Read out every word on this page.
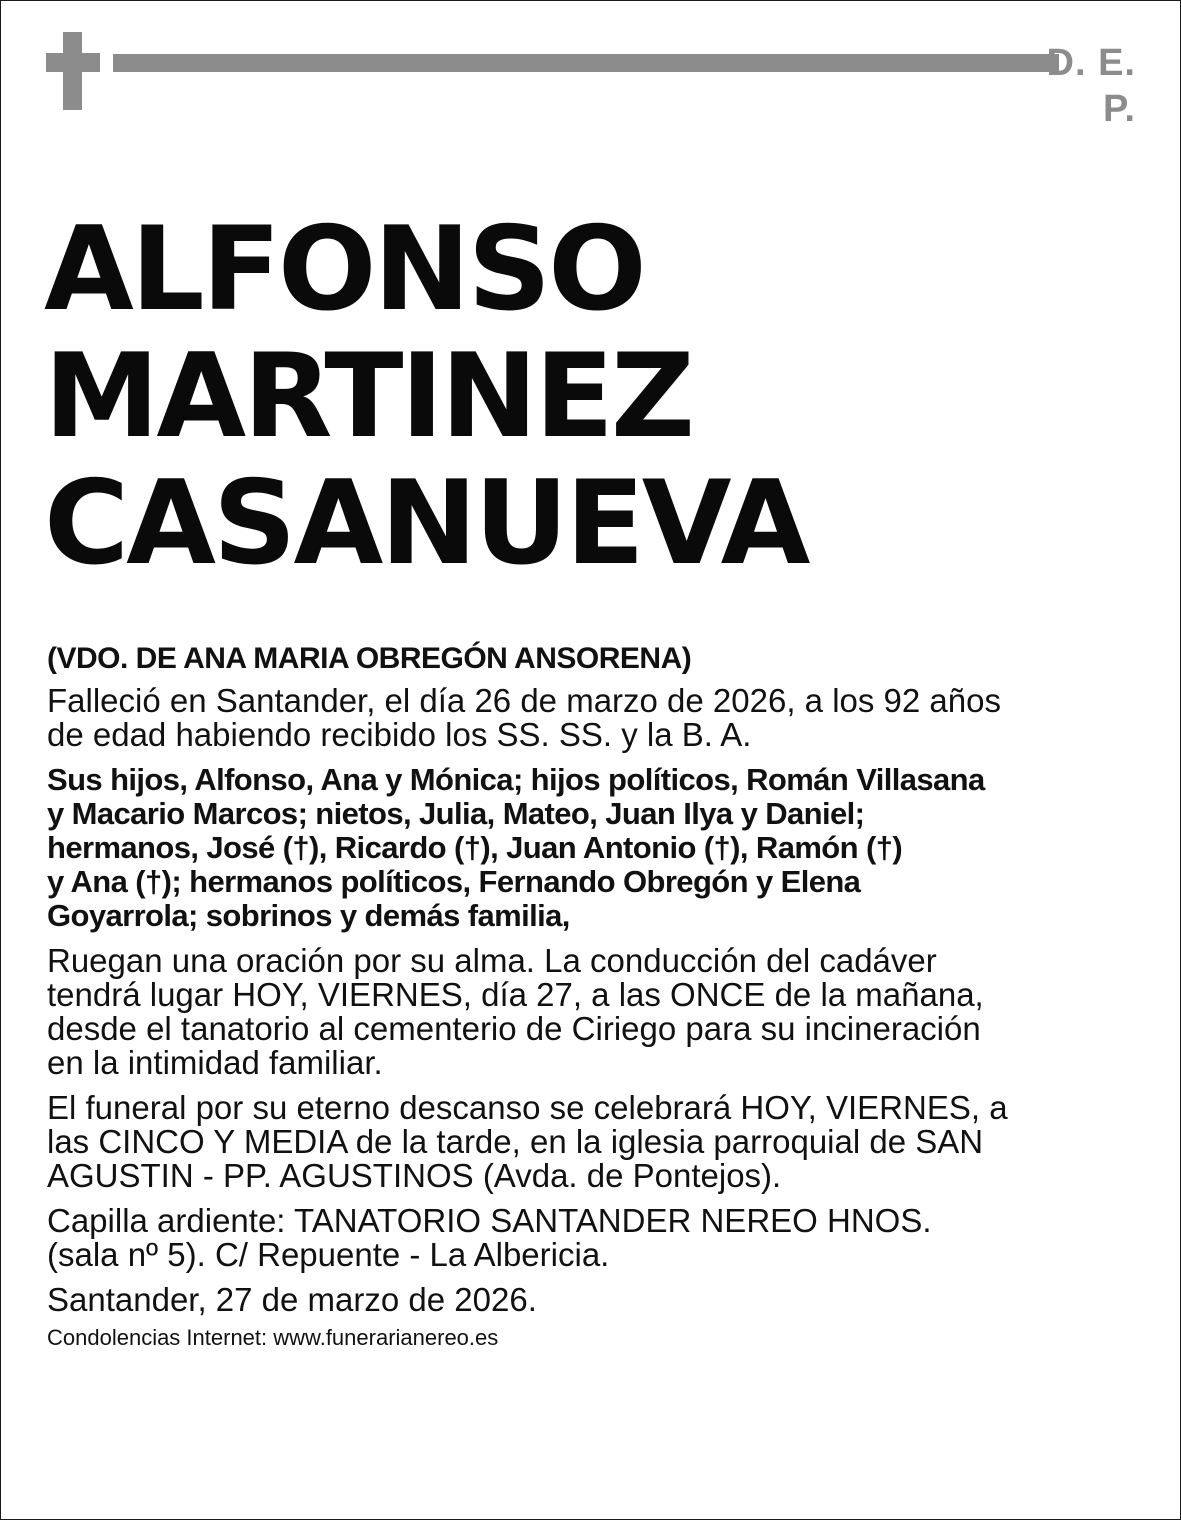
D. E. P.
ALFONSO
MARTINEZ
CASANUEVA
(VDO. DE ANA MARIA OBREGÓN ANSORENA)
Falleció en Santander, el día 26 de marzo de 2026, a los 92 años
de edad habiendo recibido los SS. SS. y la B. A.
Sus hijos, Alfonso, Ana y Mónica; hijos políticos, Román Villasana
y Macario Marcos; nietos, Julia, Mateo, Juan Ilya y Daniel;
hermanos, José (†), Ricardo (†), Juan Antonio (†), Ramón (†)
y Ana (†); hermanos políticos, Fernando Obregón y Elena
Goyarrola; sobrinos y demás familia,
Ruegan una oración por su alma. La conducción del cadáver
tendrá lugar HOY, VIERNES, día 27, a las ONCE de la mañana,
desde el tanatorio al cementerio de Ciriego para su incineración
en la intimidad familiar.
El funeral por su eterno descanso se celebrará HOY, VIERNES, a
las CINCO Y MEDIA de la tarde, en la iglesia parroquial de SAN
AGUSTIN - PP. AGUSTINOS (Avda. de Pontejos).
Capilla ardiente: TANATORIO SANTANDER NEREO HNOS.
(sala nº 5). C/ Repuente - La Albericia.
Santander, 27 de marzo de 2026.
Condolencias Internet: www.funerarianereo.es
